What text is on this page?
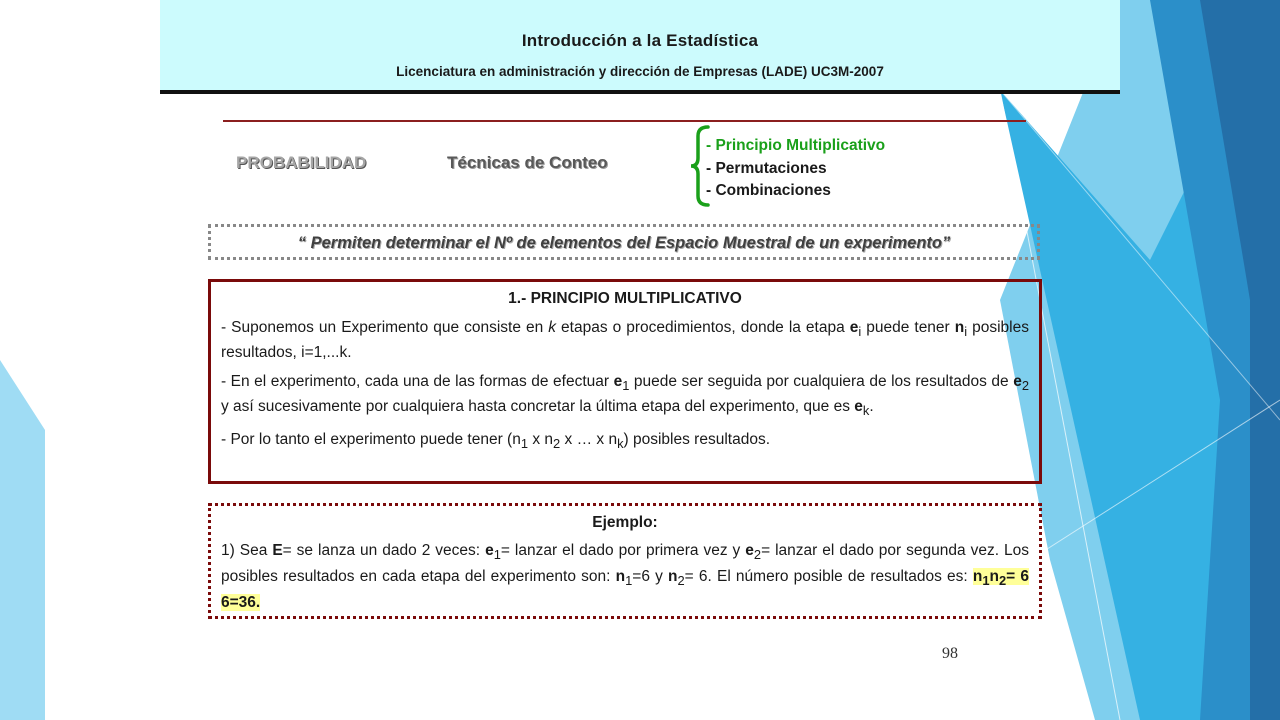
Introducción a la Estadística
Licenciatura en administración y dirección de Empresas (LADE) UC3M-2007
PROBABILIDAD	Técnicas de Conteo
- Principio Multiplicativo
- Permutaciones
- Combinaciones
“ Permiten determinar el Nº de elementos del Espacio Muestral de un experimento”
1.- PRINCIPIO MULTIPLICATIVO

- Suponemos un Experimento que consiste en k etapas o procedimientos, donde la etapa $e_i$ puede tener $n_i$ posibles resultados, i=1,...k.

- En el experimento, cada una de las formas de efectuar $e_1$ puede ser seguida por cualquiera de los resultados de $e_2$ y así sucesivamente por cualquiera hasta concretar la última etapa del experimento, que es $e_k$.

- Por lo tanto el experimento puede tener ($n_1$ x $n_2$ x … x $n_k$) posibles resultados.

Ejemplo:

1) Sea E= se lanza un dado 2 veces: $e_1=$ lanzar el dado por primera vez y $e_2=$ lanzar el dado por segunda vez. Los posibles resultados en cada etapa del experimento son: $n_1=6$ y $n_2= 6$. El número posible de resultados es: $n_1n_2= 6$ 6=36.

98
